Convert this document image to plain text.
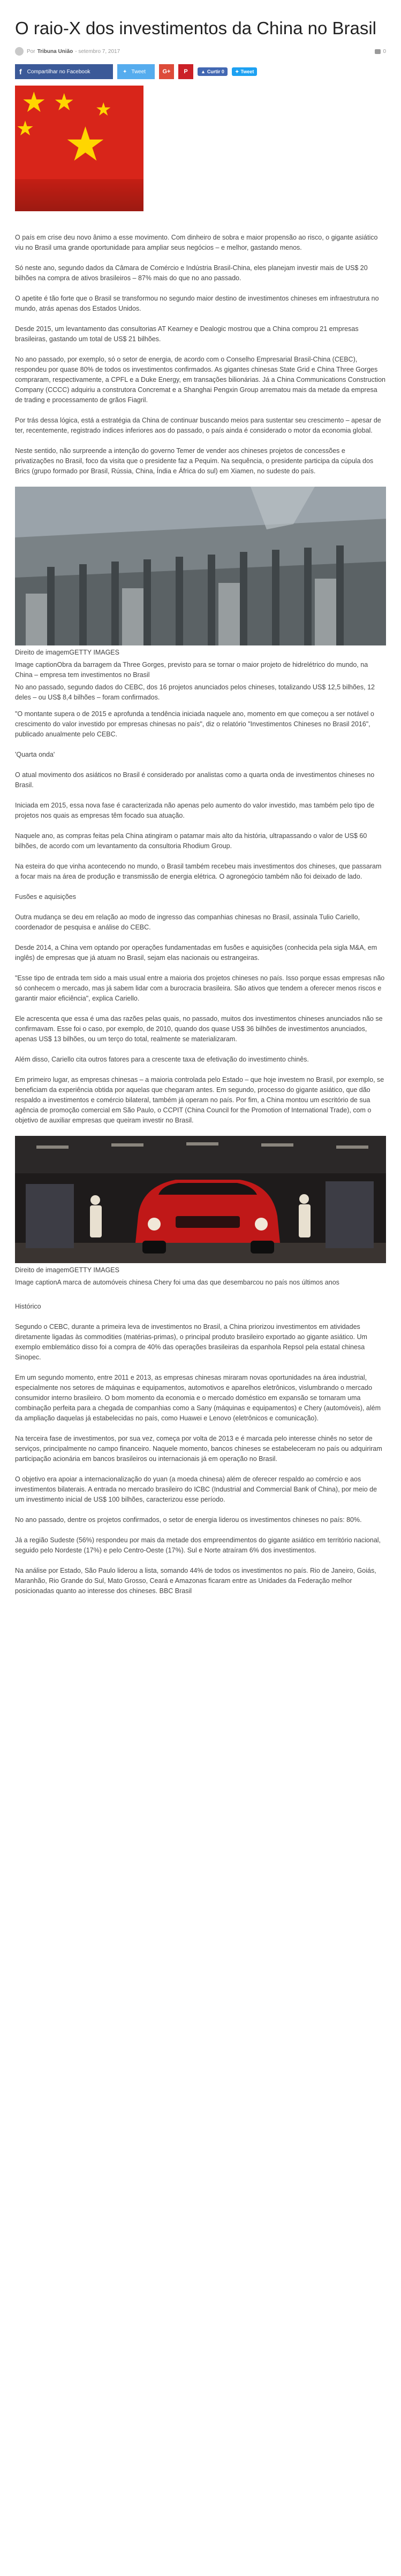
O raio-X dos investimentos da China no Brasil
Por Tribuna Uniăo - setembro 7, 2017	0
f Compartilhar no Facebook	✦ Tweet	G+	P	▲ Curtir 0 ✦ Tweet
★
★ ★ ★
★

O país em crise deu novo ânimo a esse movimento. Com dinheiro de sobra e maior propensão ao risco, o gigante asiático viu no Brasil uma grande oportunidade para ampliar seus negócios – e melhor, gastando menos.

Só neste ano, segundo dados da Câmara de Comércio e Indústria Brasil-China, eles planejam investir mais de US$ 20 bilhões na compra de ativos brasileiros – 87% mais do que no ano passado.

O apetite é tão forte que o Brasil se transformou no segundo maior destino de investimentos chineses em infraestrutura no mundo, atrás apenas dos Estados Unidos.

Desde 2015, um levantamento das consultorias AT Kearney e Dealogic mostrou que a China comprou 21 empresas brasileiras, gastando um total de US$ 21 bilhões.

No ano passado, por exemplo, só o setor de energia, de acordo com o Conselho Empresarial Brasil-China (CEBC), respondeu por quase 80% de todos os investimentos confirmados. As gigantes chinesas State Grid e China Three Gorges compraram, respectivamente, a CPFL e a Duke Energy, em transações bilionárias. Já a China Communications Construction Company (CCCC) adquiriu a construtora Concremat e a Shanghai Pengxin Group arrematou mais da metade da empresa de trading e processamento de grãos Fiagril.

Por trás dessa lógica, está a estratégia da China de continuar buscando meios para sustentar seu crescimento – apesar de ter, recentemente, registrado índices inferiores aos do passado, o país ainda é considerado o motor da economia global.

Neste sentido, não surpreende a intenção do governo Temer de vender aos chineses projetos de concessões e privatizações no Brasil, foco da visita que o presidente faz a Pequim. Na sequência, o presidente participa da cúpula dos Brics (grupo formado por Brasil, Rússia, China, Índia e África do sul) em Xiamen, no sudeste do país.

Direito de imagemGETTY IMAGES
Image captionObra da barragem da Three Gorges, previsto para se tornar o maior projeto de hidrelétrico do mundo, na China – empresa tem investimentos no Brasil
No ano passado, segundo dados do CEBC, dos 16 projetos anunciados pelos chineses, totalizando US$ 12,5 bilhões, 12 deles – ou US$ 8,4 bilhões – foram confirmados.

"O montante supera o de 2015 e aprofunda a tendência iniciada naquele ano, momento em que começou a ser notável o crescimento do valor investido por empresas chinesas no país", diz o relatório "Investimentos Chineses no Brasil 2016", publicado anualmente pelo CEBC.

'Quarta onda'

O atual movimento dos asiáticos no Brasil é considerado por analistas como a quarta onda de investimentos chineses no Brasil.

Iniciada em 2015, essa nova fase é caracterizada não apenas pelo aumento do valor investido, mas também pelo tipo de projetos nos quais as empresas têm focado sua atuação.

Naquele ano, as compras feitas pela China atingiram o patamar mais alto da história, ultrapassando o valor de US$ 60 bilhões, de acordo com um levantamento da consultoria Rhodium Group.

Na esteira do que vinha acontecendo no mundo, o Brasil também recebeu mais investimentos dos chineses, que passaram a focar mais na área de produção e transmissão de energia elétrica. O agronegócio também não foi deixado de lado.

Fusões e aquisições

Outra mudança se deu em relação ao modo de ingresso das companhias chinesas no Brasil, assinala Tulio Cariello, coordenador de pesquisa e análise do CEBC.

Desde 2014, a China vem optando por operações fundamentadas em fusões e aquisições (conhecida pela sigla M&A, em inglês) de empresas que já atuam no Brasil, sejam elas nacionais ou estrangeiras.

"Esse tipo de entrada tem sido a mais usual entre a maioria dos projetos chineses no país. Isso porque essas empresas não só conhecem o mercado, mas já sabem lidar com a burocracia brasileira. São ativos que tendem a oferecer menos riscos e garantir maior eficiência", explica Cariello.

Ele acrescenta que essa é uma das razões pelas quais, no passado, muitos dos investimentos chineses anunciados não se confirmavam. Esse foi o caso, por exemplo, de 2010, quando dos quase US$ 36 bilhões de investimentos anunciados, apenas US$ 13 bilhões, ou um terço do total, realmente se materializaram.

Além disso, Cariello cita outros fatores para a crescente taxa de efetivação do investimento chinês.

Em primeiro lugar, as empresas chinesas – a maioria controlada pelo Estado – que hoje investem no Brasil, por exemplo, se beneficiam da experiência obtida por aquelas que chegaram antes. Em segundo, processo do gigante asiático, que dão respaldo a investimentos e comércio bilateral, também já operam no país. Por fim, a China montou um escritório de sua agência de promoção comercial em São Paulo, o CCPIT (China Council for the Promotion of International Trade), com o objetivo de auxiliar empresas que queiram investir no Brasil.

Direito de imagemGETTY IMAGES
Image captionA marca de automóveis chinesa Chery foi uma das que desembarcou no país nos últimos anos

Histórico

Segundo o CEBC, durante a primeira leva de investimentos no Brasil, a China priorizou investimentos em atividades diretamente ligadas às commodities (matérias-primas), o principal produto brasileiro exportado ao gigante asiático. Um exemplo emblemático disso foi a compra de 40% das operações brasileiras da espanhola Repsol pela estatal chinesa Sinopec.

Em um segundo momento, entre 2011 e 2013, as empresas chinesas miraram novas oportunidades na área industrial, especialmente nos setores de máquinas e equipamentos, automotivos e aparelhos eletrônicos, vislumbrando o mercado consumidor interno brasileiro. O bom momento da economia e o mercado doméstico em expansão se tornaram uma combinação perfeita para a chegada de companhias como a Sany (máquinas e equipamentos) e Chery (automóveis), além da ampliação daquelas já estabelecidas no país, como Huawei e Lenovo (eletrônicos e comunicação).

Na terceira fase de investimentos, por sua vez, começa por volta de 2013 e é marcada pelo interesse chinês no setor de serviços, principalmente no campo financeiro. Naquele momento, bancos chineses se estabeleceram no país ou adquiriram participação acionária em bancos brasileiros ou internacionais já em operação no Brasil.

O objetivo era apoiar a internacionalização do yuan (a moeda chinesa) além de oferecer respaldo ao comércio e aos investimentos bilaterais. A entrada no mercado brasileiro do ICBC (Industrial and Commercial Bank of China), por meio de um investimento inicial de US$ 100 bilhões, caracterizou esse período.

No ano passado, dentre os projetos confirmados, o setor de energia liderou os investimentos chineses no país: 80%.

Já a região Sudeste (56%) respondeu por mais da metade dos empreendimentos do gigante asiático em território nacional, seguido pelo Nordeste (17%) e pelo Centro-Oeste (17%). Sul e Norte atraíram 6% dos investimentos.

Na análise por Estado, São Paulo liderou a lista, somando 44% de todos os investimentos no país. Rio de Janeiro, Goiás, Maranhão, Rio Grande do Sul, Mato Grosso, Ceará e Amazonas ficaram entre as Unidades da Federação melhor posicionadas quanto ao interesse dos chineses. BBC Brasil
